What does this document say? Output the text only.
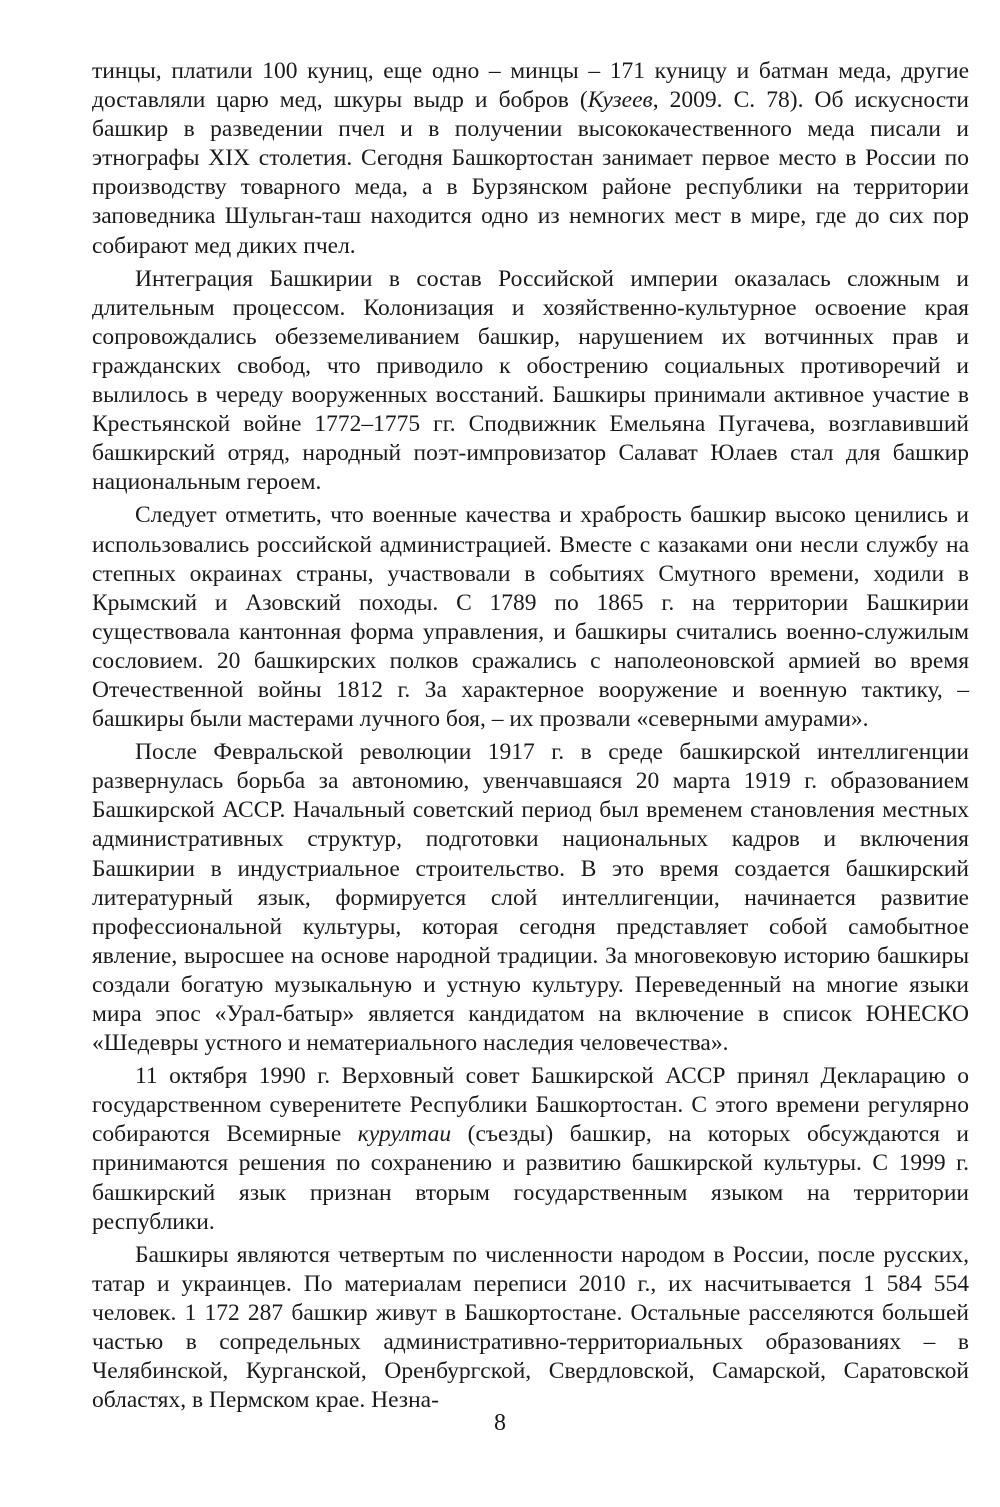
тинцы, платили 100 куниц, еще одно – минцы – 171 куницу и батман меда, другие доставляли царю мед, шкуры выдр и бобров (Кузеев, 2009. С. 78). Об искусности башкир в разведении пчел и в получении высококачественного меда писали и этнографы XIX столетия. Сегодня Башкортостан занимает первое место в России по производству товарного меда, а в Бурзянском районе республики на территории заповедника Шульган-таш находится одно из немногих мест в мире, где до сих пор собирают мед диких пчел.

Интеграция Башкирии в состав Российской империи оказалась сложным и длительным процессом. Колонизация и хозяйственно-культурное освоение края сопровождались обезземеливанием башкир, нарушением их вотчинных прав и гражданских свобод, что приводило к обострению социальных противоречий и вылилось в череду вооруженных восстаний. Башкиры принимали активное участие в Крестьянской войне 1772–1775 гг. Сподвижник Емельяна Пугачева, возглавивший башкирский отряд, народный поэт-импровизатор Салават Юлаев стал для башкир национальным героем.

Следует отметить, что военные качества и храбрость башкир высоко ценились и использовались российской администрацией. Вместе с казаками они несли службу на степных окраинах страны, участвовали в событиях Смутного времени, ходили в Крымский и Азовский походы. С 1789 по 1865 г. на территории Башкирии существовала кантонная форма управления, и башкиры считались военно-служилым сословием. 20 башкирских полков сражались с наполеоновской армией во время Отечественной войны 1812 г. За характерное вооружение и военную тактику, – башкиры были мастерами лучного боя, – их прозвали «северными амурами».

После Февральской революции 1917 г. в среде башкирской интеллигенции развернулась борьба за автономию, увенчавшаяся 20 марта 1919 г. образованием Башкирской АССР. Начальный советский период был временем становления местных административных структур, подготовки национальных кадров и включения Башкирии в индустриальное строительство. В это время создается башкирский литературный язык, формируется слой интеллигенции, начинается развитие профессиональной культуры, которая сегодня представляет собой самобытное явление, выросшее на основе народной традиции. За многовековую историю башкиры создали богатую музыкальную и устную культуру. Переведенный на многие языки мира эпос «Урал-батыр» является кандидатом на включение в список ЮНЕСКО «Шедевры устного и нематериального наследия человечества».

11 октября 1990 г. Верховный совет Башкирской АССР принял Декларацию о государственном суверенитете Республики Башкортостан. С этого времени регулярно собираются Всемирные курултаи (съезды) башкир, на которых обсуждаются и принимаются решения по сохранению и развитию башкирской культуры. С 1999 г. башкирский язык признан вторым государственным языком на территории республики.

Башкиры являются четвертым по численности народом в России, после русских, татар и украинцев. По материалам переписи 2010 г., их насчитывается 1 584 554 человек. 1 172 287 башкир живут в Башкортостане. Остальные расселяются большей частью в сопредельных административно-территориальных образованиях – в Челябинской, Курганской, Оренбургской, Свердловской, Самарской, Саратовской областях, в Пермском крае. Незна-

8
